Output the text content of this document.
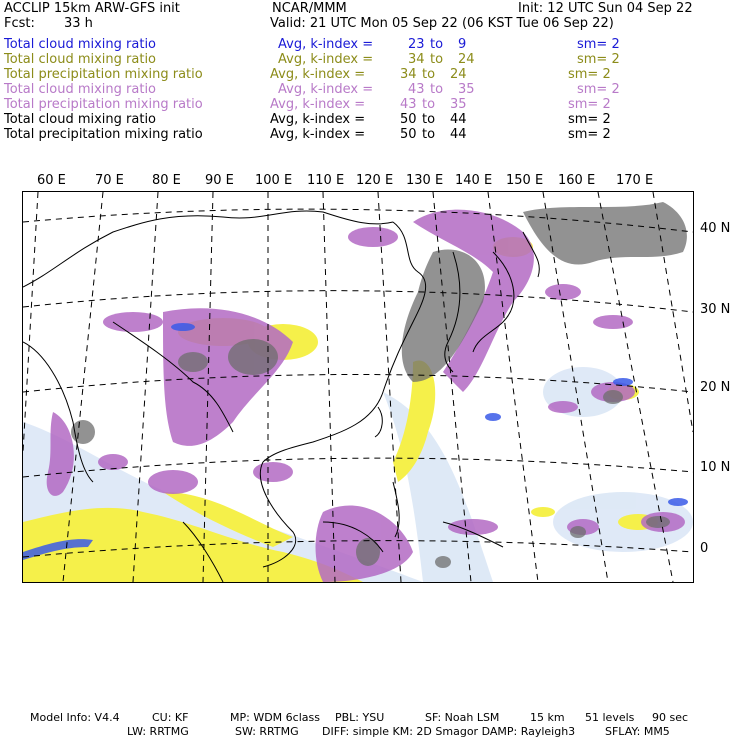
ACCLIP 15km ARW-GFS init	NCAR/MMM	Init: 12 UTC Sun 04 Sep 22
Fcst: 33 h	Valid: 21 UTC Mon 05 Sep 22 (06 KST Tue 06 Sep 22)
Total cloud mixing ratio	Avg, k-index =	23 to 9	sm= 2
Total cloud mixing ratio	Avg, k-index =	34 to 24	sm= 2
Total precipitation mixing ratio	Avg, k-index =	34 to 24	sm= 2
Total cloud mixing ratio	Avg, k-index =	43 to 35	sm= 2
Total precipitation mixing ratio	Avg, k-index =	43 to 35	sm= 2
Total cloud mixing ratio	Avg, k-index =	50 to 44	sm= 2
Total precipitation mixing ratio	Avg, k-index =	50 to 44	sm= 2
60 E 70 E 80 E 90 E 100 E 110 E 120 E 130 E 140 E 150 E 160 E 170 E
40 N
30 N
20 N
10 N
0
Model Info: V4.4	CU: KF	MP: WDM 6class PBL: YSU	SF: Noah LSM	15 km 51 levels 90 sec
LW: RRTMG	SW: RRTMG DIFF: simple KM: 2D Smagor DAMP: Rayleigh3	SFLAY: MM5
